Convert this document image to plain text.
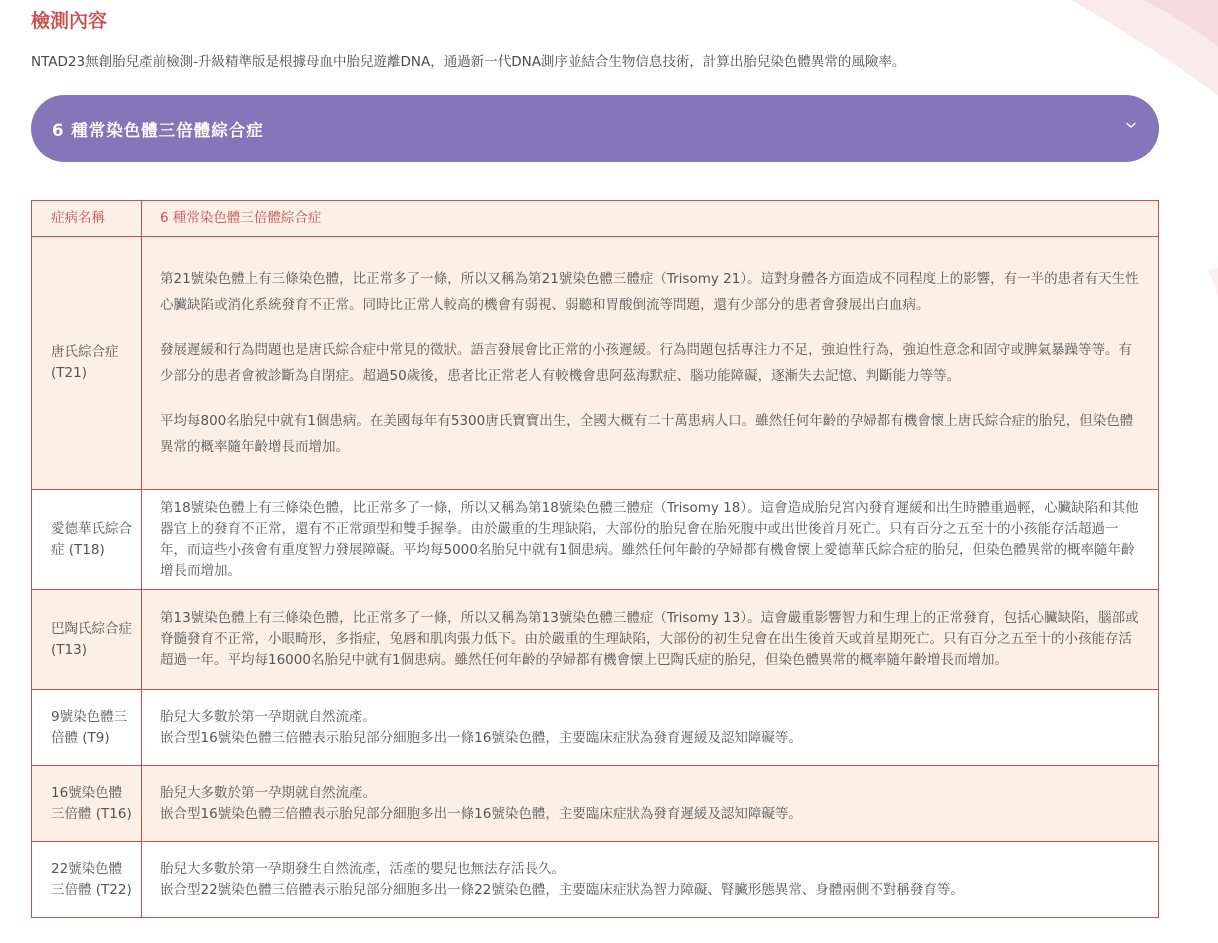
檢測內容

NTAD23無創胎兒產前檢測-升級精準版是根據母血中胎兒遊離DNA，通過新一代DNA測序並結合生物信息技術，計算出胎兒染色體異常的風險率。

6 種常染色體三倍體綜合症
症病名稱	6 種常染色體三倍體綜合症
唐氏綜合症 (T21)	第21號染色體上有三條染色體，比正常多了一條，所以又稱為第21號染色體三體症（Trisomy 21）。這對身體各方面造成不同程度上的影響，有一半的患者有天生性心臟缺陷或消化系統發育不正常。同時比正常人較高的機會有弱視、弱聽和胃酸倒流等問題，還有少部分的患者會發展出白血病。

發展遲緩和行為問題也是唐氏綜合症中常見的徵狀。語言發展會比正常的小孩遲緩。行為問題包括專注力不足，強迫性行為，強迫性意念和固守或脾氣暴躁等等。有少部分的患者會被診斷為自閉症。超過50歲後，患者比正常老人有較機會患阿茲海默症、腦功能障礙，逐漸失去記憶、判斷能力等等。

平均每800名胎兒中就有1個患病。在美國每年有5300唐氏寶寶出生，全國大概有二十萬患病人口。雖然任何年齡的孕婦都有機會懷上唐氏綜合症的胎兒，但染色體異常的概率隨年齡增長而增加。

愛德華氏綜合症 (T18)	第18號染色體上有三條染色體，比正常多了一條，所以又稱為第18號染色體三體症（Trisomy 18）。這會造成胎兒宮內發育遲緩和出生時體重過輕，心臟缺陷和其他器官上的發育不正常，還有不正常頭型和雙手握拳。由於嚴重的生理缺陷，大部份的胎兒會在胎死腹中或出世後首月死亡。只有百分之五至十的小孩能存活超過一年，而這些小孩會有重度智力發展障礙。平均每5000名胎兒中就有1個患病。雖然任何年齡的孕婦都有機會懷上愛德華氏綜合症的胎兒，但染色體異常的概率隨年齡增長而增加。

巴陶氏綜合症 (T13)	第13號染色體上有三條染色體，比正常多了一條，所以又稱為第13號染色體三體症（Trisomy 13）。這會嚴重影響智力和生理上的正常發育，包括心臟缺陷，腦部或脊髓發育不正常，小眼畸形，多指症，兔唇和肌肉張力低下。由於嚴重的生理缺陷，大部份的初生兒會在出生後首天或首星期死亡。只有百分之五至十的小孩能存活超過一年。平均每16000名胎兒中就有1個患病。雖然任何年齡的孕婦都有機會懷上巴陶氏症的胎兒，但染色體異常的概率隨年齡增長而增加。

9號染色體三倍體 (T9)	胎兒大多數於第一孕期就自然流產。
嵌合型16號染色體三倍體表示胎兒部分細胞多出一條16號染色體，主要臨床症狀為發育遲緩及認知障礙等。

16號染色體三倍體 (T16)	胎兒大多數於第一孕期就自然流產。
嵌合型16號染色體三倍體表示胎兒部分細胞多出一條16號染色體，主要臨床症狀為發育遲緩及認知障礙等。

22號染色體三倍體 (T22)	胎兒大多數於第一孕期發生自然流產，活產的嬰兒也無法存活長久。
嵌合型22號染色體三倍體表示胎兒部分細胞多出一條22號染色體，主要臨床症狀為智力障礙、腎臟形態異常、身體兩側不對稱發育等。
